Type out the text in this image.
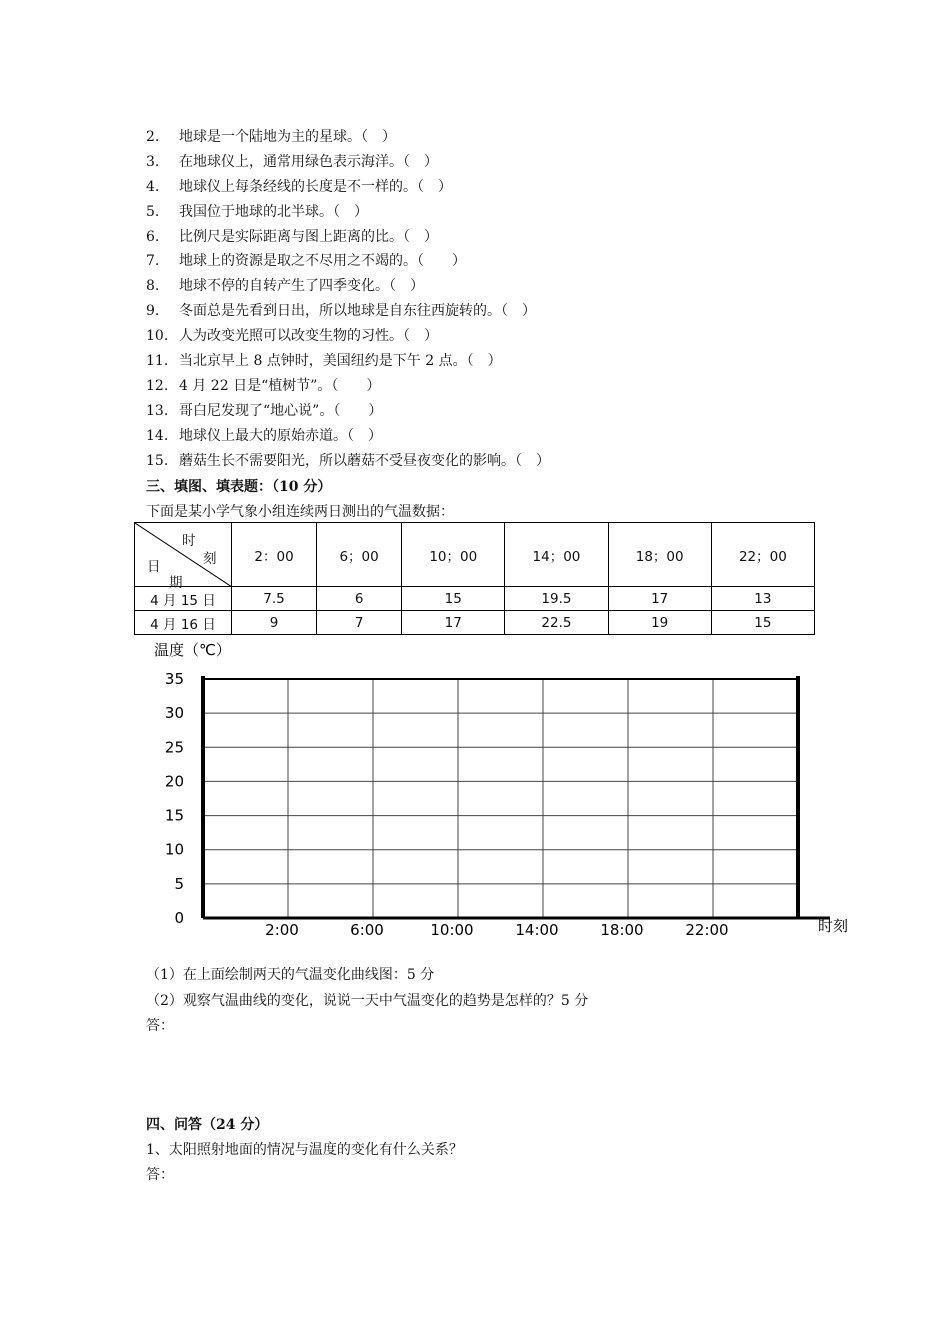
2. 地球是一个陆地为主的星球。（　）
3. 在地球仪上，通常用绿色表示海洋。（　）
4. 地球仪上每条经线的长度是不一样的。（　）
5. 我国位于地球的北半球。（　）
6. 比例尺是实际距离与图上距离的比。（　）
7. 地球上的资源是取之不尽用之不竭的。（　　）
8. 地球不停的自转产生了四季变化。（　）
9. 冬面总是先看到日出，所以地球是自东往西旋转的。（　）
10. 人为改变光照可以改变生物的习性。（　）
11. 当北京早上 8 点钟时，美国纽约是下午 2 点。（　）
12. 4 月 22 日是“植树节”。（　　）
13. 哥白尼发现了“地心说”。（　　）
14. 地球仪上最大的原始赤道。（　）
15. 蘑菇生长不需要阳光，所以蘑菇不受昼夜变化的影响。（　）
三、填图、填表题：（10 分）
下面是某小学气象小组连续两日测出的气温数据：
时
刻
日
期	2：00	6；00	10；00	14；00	18；00	22；00
4 月 15 日	7.5	6	15	19.5	17	13
4 月 16 日	9	7	17	22.5	19	15
0
5
10
15
20
25
30
35
2:00	6:00	10:00	14:00	18:00	22:00
温度（℃）
时刻
（1）在上面绘制两天的气温变化曲线图：5 分
（2）观察气温曲线的变化，说说一天中气温变化的趋势是怎样的？5 分
答：
四、问答（24 分）
1、太阳照射地面的情况与温度的变化有什么关系？
答：
